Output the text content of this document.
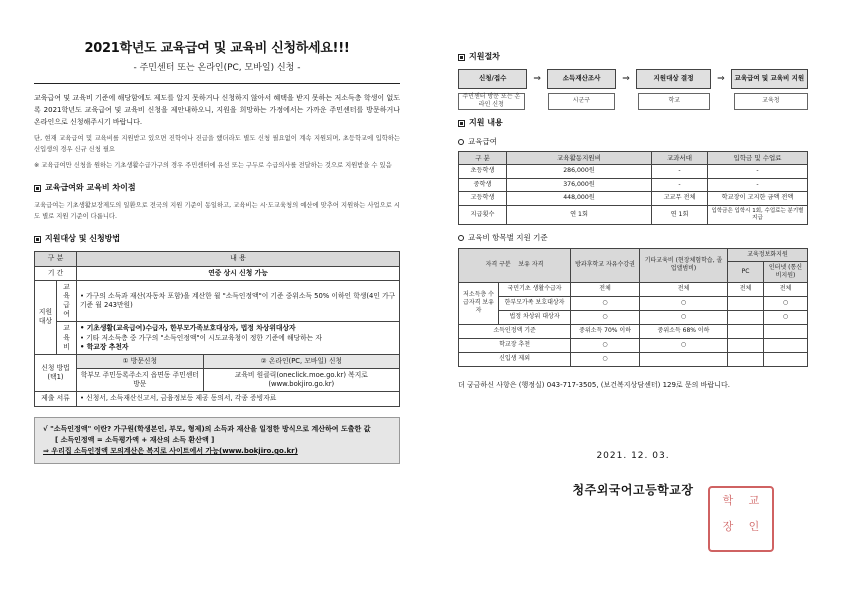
2021학년도 교육급여 및 교육비 신청하세요!!!
- 주민센터 또는 온라인(PC, 모바일) 신청 -

교육급여 및 교육비 기준에 해당함에도 제도를 알지 못하거나 신청하지 않아서 혜택을 받지 못하는 저소득층 학생이 없도록 2021학년도 교육급여 및 교육비 신청을 제안내하오니, 지원을 희망하는 가정에서는 가까운 주민센터를 방문하거나 온라인으로 신청해주시기 바랍니다.

단, 현재 교육급여 및 교육비를 지원받고 있으면 진학이나 진급을 했더라도 별도 신청 필요없이 계속 지원되며, 초등학교에 입학하는 신입생의 경우 신규 신청 필요

※ 교육급여만 신청을 원하는 기초생활수급가구의 경우 주민센터에 유선 또는 구두로 수급의사를 전달하는 것으로 지원받을 수 있음

교육급여와 교육비 차이점

교육급여는 기초생활보장제도의 일환으로 전국의 지원 기준이 동일하고, 교육비는 시·도교육청의 예산에 맞추어 지원하는 사업으로 시도 별로 지원 기준이 다릅니다.

지원대상 및 신청방법
구 분		내 용	
기 간		연중 상시 신청 가능	
지원 대상	교육 급여	• 가구의 소득과 재산(자동차 포함)을 계산한 월 "소득인정액"이 기준 중위소득 50% 이하인 학생(4인 가구 기준 월 243만원)	
	교육 비	• 기초생활(교육급여)수급자, 한부모가족보호대상자, 법정 차상위대상자
• 기타 저소득층 중 가구의 "소득인정액"이 시도교육청이 정한 기준에 해당하는 자
• 학교장 추천자	

신청 방법 (택1)		① 방문신청	② 온라인(PC, 모바일) 신청
		학부모 주민등록주소지 읍면동 주민센터 방문	교육비 원클릭(oneclick.moe.go.kr) 복지로(www.bokjiro.go.kr)
제출 서류		• 신청서, 소득재산신고서, 금융정보등 제공 동의서, 각종 증빙자료	
√ "소득인정액" 이란? 가구원(학생본인, 부모, 형제)의 소득과 재산을 일정한 방식으로 계산하여 도출한 값
[ 소득인정액 = 소득평가액 + 재산의 소득 환산액 ]
⇒ 우리집 소득인정액 모의계산은 복지로 사이트에서 가능(www.bokjiro.go.kr)
지원절차
신청/접수	⇒	소득재산조사	⇒	지원대상 결정	⇒	교육급여 및 교육비 지원
주민센터 방문 또는 온라인 신청
시군구	학교	교육청
지원 내용
교육급여
구 분	교육활동지원비	교과서대	입학금 및 수업료
초등학생	286,000원	-	-
중학생	376,000원	-	-
고등학생	448,000원	고교무 전체	학교장이 고지한 금액 전액
지급횟수	연 1회	연 1회	입학금은 입학시 1회, 수업료는 분기별 지급
교육비 항목별 지원 기준
자격 구분 보유 자격		방과후학교 자유수강권	기타교육비 (현장체험학습, 졸업앨범비)	교육정보화지원	
				PC	인터넷 (통신비지원)
저소득층 수급자격 보유자	국민기초 생활수급자	전체	전체	전체	전체
	한부모가족 보호대상자	○	○		○
	법정 차상위 대상자	○	○		○
소득인정액 기준		중위소득 70% 이하	중위소득 68% 이하		
학교장 추천		○	○		
신입생 제외		○			
더 궁금하신 사항은 (행정실) 043-717-3505, (보건복지상담센터) 129로 문의 바랍니다.
2021. 12. 03.
청주외국어고등학교장
학	교
장	인
